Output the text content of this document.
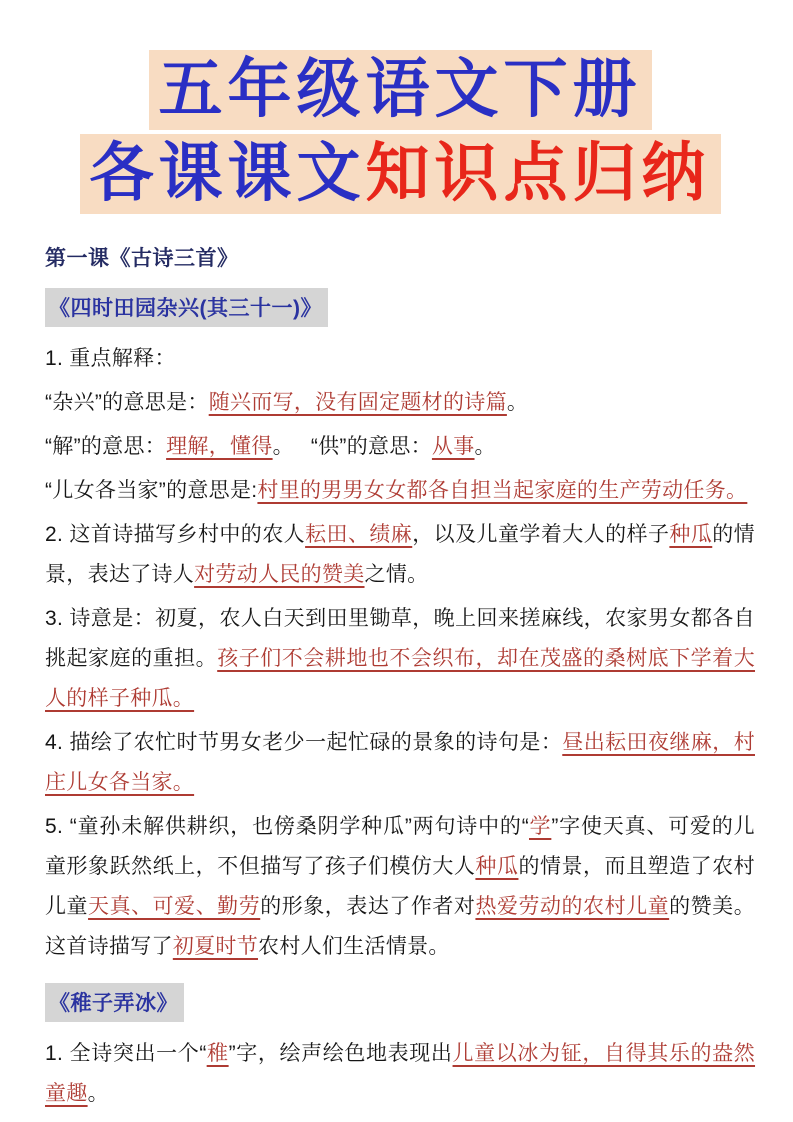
五年级语文下册
各课课文知识点归纳
第一课《古诗三首》
《四时田园杂兴(其三十一)》
1. 重点解释：
“杂兴”的意思是：随兴而写，没有固定题材的诗篇。
“解”的意思：理解，懂得。　 “供”的意思：从事。
“儿女各当家”的意思是:村里的男男女女都各自担当起家庭的生产劳动任务。
2. 这首诗描写乡村中的农人耘田、绩麻，以及儿童学着大人的样子种瓜的情景，表达了诗人对劳动人民的赞美之情。
3. 诗意是：初夏，农人白天到田里锄草，晚上回来搓麻线，农家男女都各自挑起家庭的重担。孩子们不会耕地也不会织布，却在茂盛的桑树底下学着大人的样子种瓜。
4. 描绘了农忙时节男女老少一起忙碌的景象的诗句是：昼出耘田夜继麻，村庄儿女各当家。
5. “童孙未解供耕织，也傍桑阴学种瓜”两句诗中的“学”字使天真、可爱的儿童形象跃然纸上，不但描写了孩子们模仿大人种瓜的情景，而且塑造了农村儿童天真、可爱、勤劳的形象，表达了作者对热爱劳动的农村儿童的赞美。这首诗描写了初夏时节农村人们生活情景。
《稚子弄冰》
1. 全诗突出一个“稚”字，绘声绘色地表现出儿童以冰为钲，自得其乐的盎然童趣。
